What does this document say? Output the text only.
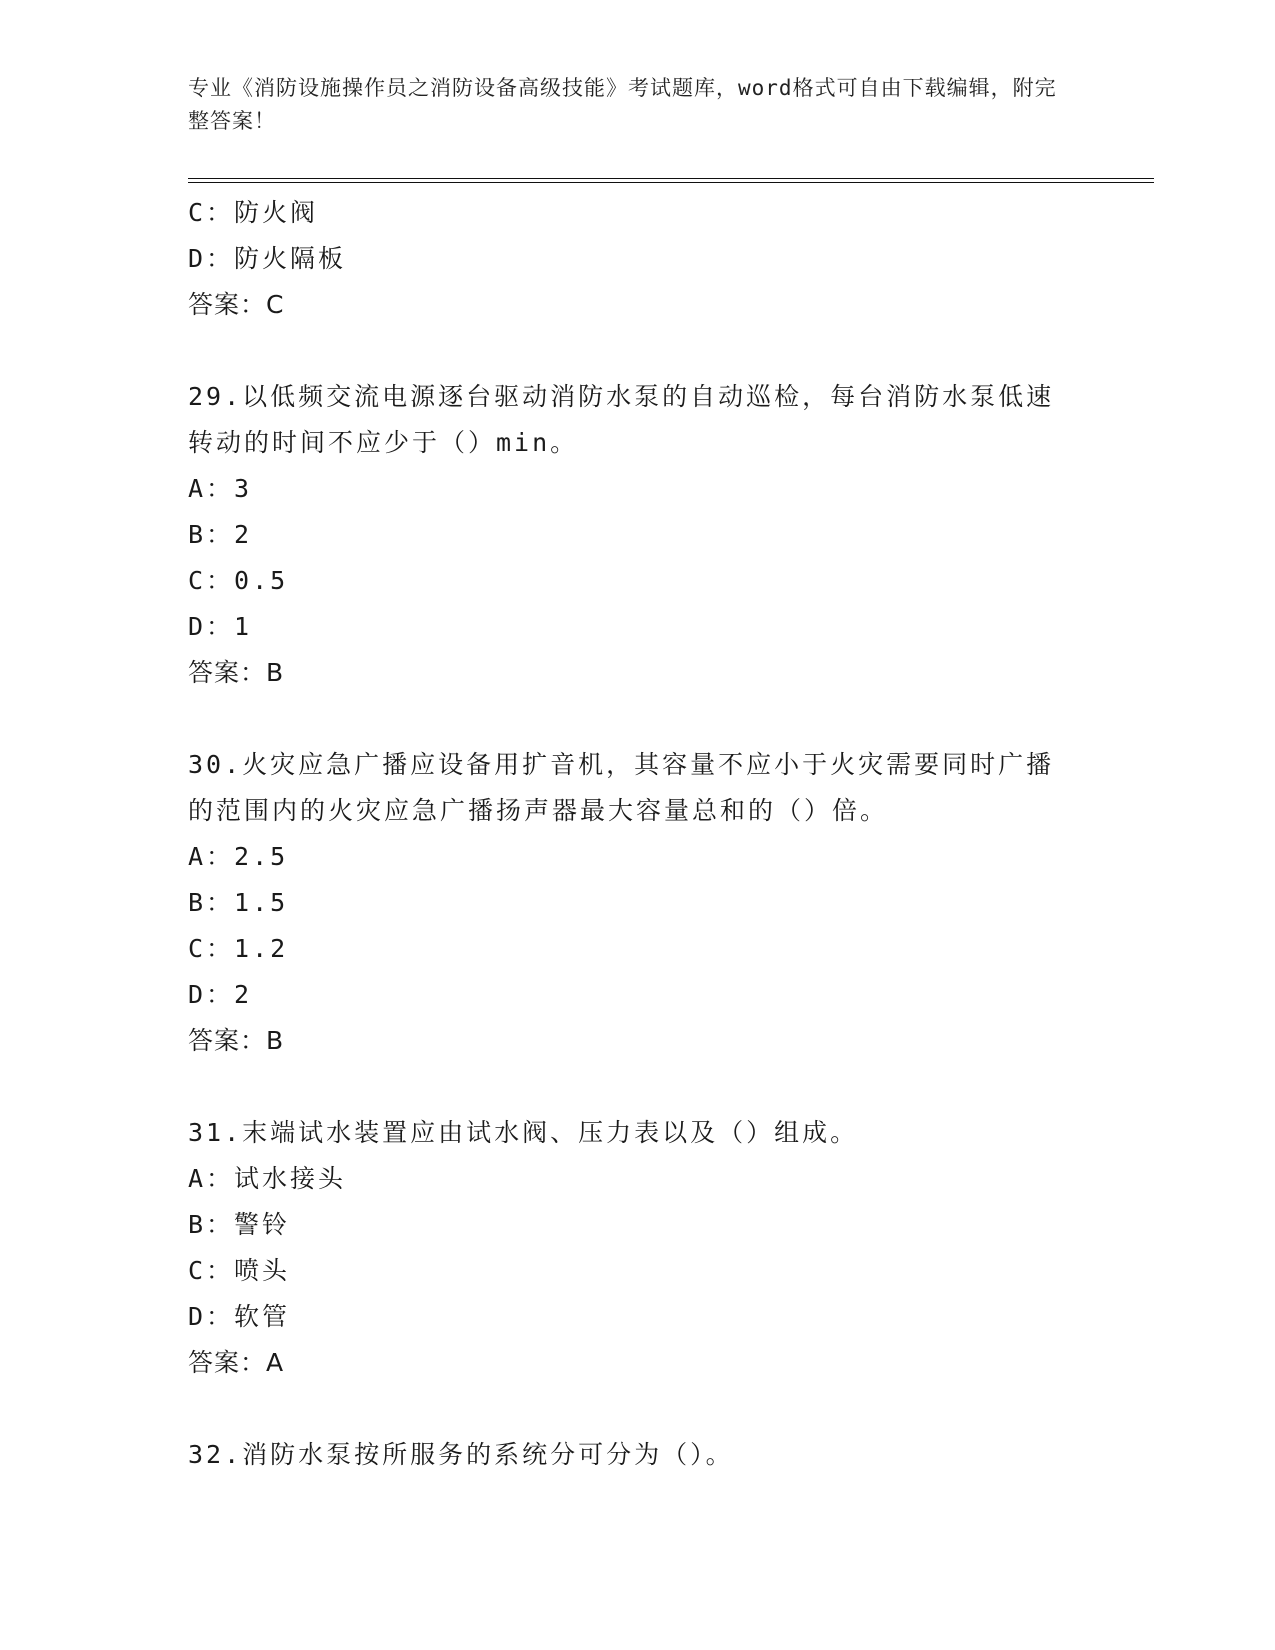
专业《消防设施操作员之消防设备高级技能》考试题库，word格式可自由下载编辑，附完整答案！
C：防火阀
D：防火隔板
答案：C
29.以低频交流电源逐台驱动消防水泵的自动巡检，每台消防水泵低速
转动的时间不应少于（）min。
A：3
B：2
C：0.5
D：1
答案：B
30.火灾应急广播应设备用扩音机，其容量不应小于火灾需要同时广播
的范围内的火灾应急广播扬声器最大容量总和的（）倍。
A：2.5
B：1.5
C：1.2
D：2
答案：B
31.末端试水装置应由试水阀、压力表以及（）组成。
A：试水接头
B：警铃
C：喷头
D：软管
答案：A
32.消防水泵按所服务的系统分可分为（）。
